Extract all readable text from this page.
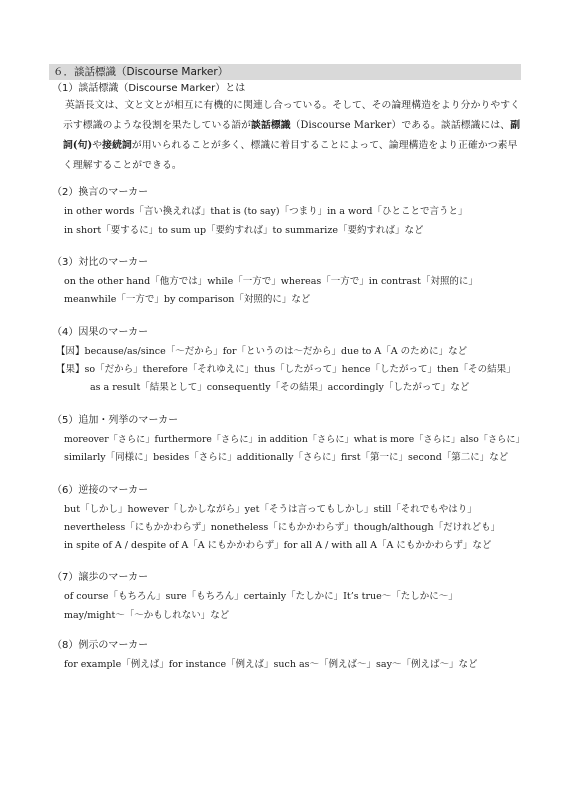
６．談話標識（Discourse Marker）
（1）談話標識（Discourse Marker）とは
英語長文は、文と文とが相互に有機的に関連し合っている。そして、その論理構造をより分かりやすく示す標識のような役割を果たしている語が談話標識（Discourse Marker）である。談話標識には、副詞(句)や接続詞が用いられることが多く、標識に着目することによって、論理構造をより正確かつ素早く理解することができる。
（2）換言のマーカー
in other words「言い換えれば」that is (to say)「つまり」in a word「ひとことで言うと」
in short「要するに」to sum up「要約すれば」to summarize「要約すれば」など
（3）対比のマーカー
on the other hand「他方では」while「一方で」whereas「一方で」in contrast「対照的に」
meanwhile「一方で」by comparison「対照的に」など
（4）因果のマーカー
【因】because/as/since「～だから」for「というのは～だから」due to A「A のために」など
【果】so「だから」therefore「それゆえに」thus「したがって」hence「したがって」then「その結果」
as a result「結果として」consequently「その結果」accordingly「したがって」など
（5）追加・列挙のマーカー
moreover「さらに」furthermore「さらに」in addition「さらに」what is more「さらに」also「さらに」
similarly「同様に」besides「さらに」additionally「さらに」first「第一に」second「第二に」など
（6）逆接のマーカー
but「しかし」however「しかしながら」yet「そうは言ってもしかし」still「それでもやはり」
nevertheless「にもかかわらず」nonetheless「にもかかわらず」though/although「だけれども」
in spite of A / despite of A「A にもかかわらず」for all A / with all A「A にもかかわらず」など
（7）譲歩のマーカー
of course「もちろん」sure「もちろん」certainly「たしかに」It’s true～「たしかに～」
may/might～「～かもしれない」など
（8）例示のマーカー
for example「例えば」for instance「例えば」such as～「例えば～」say～「例えば～」など
